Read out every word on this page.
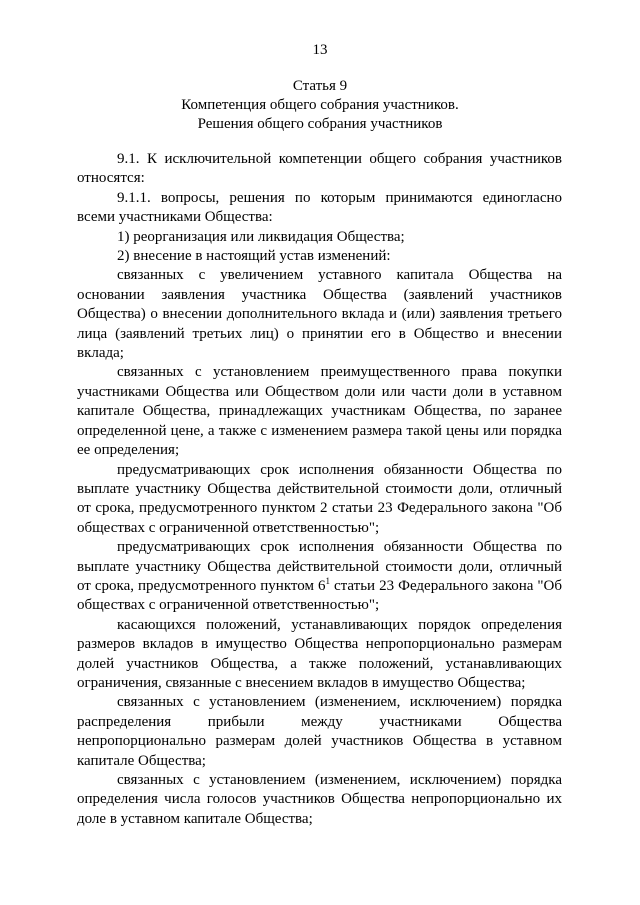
13
Статья 9
Компетенция общего собрания участников.
Решения общего собрания участников

9.1. К исключительной компетенции общего собрания участников относятся:

9.1.1. вопросы, решения по которым принимаются единогласно всеми участниками Общества:

1) реорганизация или ликвидация Общества;

2) внесение в настоящий устав изменений:

связанных с увеличением уставного капитала Общества на основании заявления участника Общества (заявлений участников Общества) о внесении дополнительного вклада и (или) заявления третьего лица (заявлений третьих лиц) о принятии его в Общество и внесении вклада;

связанных с установлением преимущественного права покупки участниками Общества или Обществом доли или части доли в уставном капитале Общества, принадлежащих участникам Общества, по заранее определенной цене, а также с изменением размера такой цены или порядка ее определения;

предусматривающих срок исполнения обязанности Общества по выплате участнику Общества действительной стоимости доли, отличный от срока, предусмотренного пунктом 2 статьи 23 Федерального закона "Об обществах с ограниченной ответственностью";

предусматривающих срок исполнения обязанности Общества по выплате участнику Общества действительной стоимости доли, отличный от срока, предусмотренного пунктом $6^1$ статьи 23 Федерального закона "Об обществах с ограниченной ответственностью";

касающихся положений, устанавливающих порядок определения размеров вкладов в имущество Общества непропорционально размерам долей участников Общества, а также положений, устанавливающих ограничения, связанные с внесением вкладов в имущество Общества;

связанных с установлением (изменением, исключением) порядка распределения прибыли между участниками Общества непропорционально размерам долей участников Общества в уставном капитале Общества;

связанных с установлением (изменением, исключением) порядка определения числа голосов участников Общества непропорционально их доле в уставном капитале Общества;
